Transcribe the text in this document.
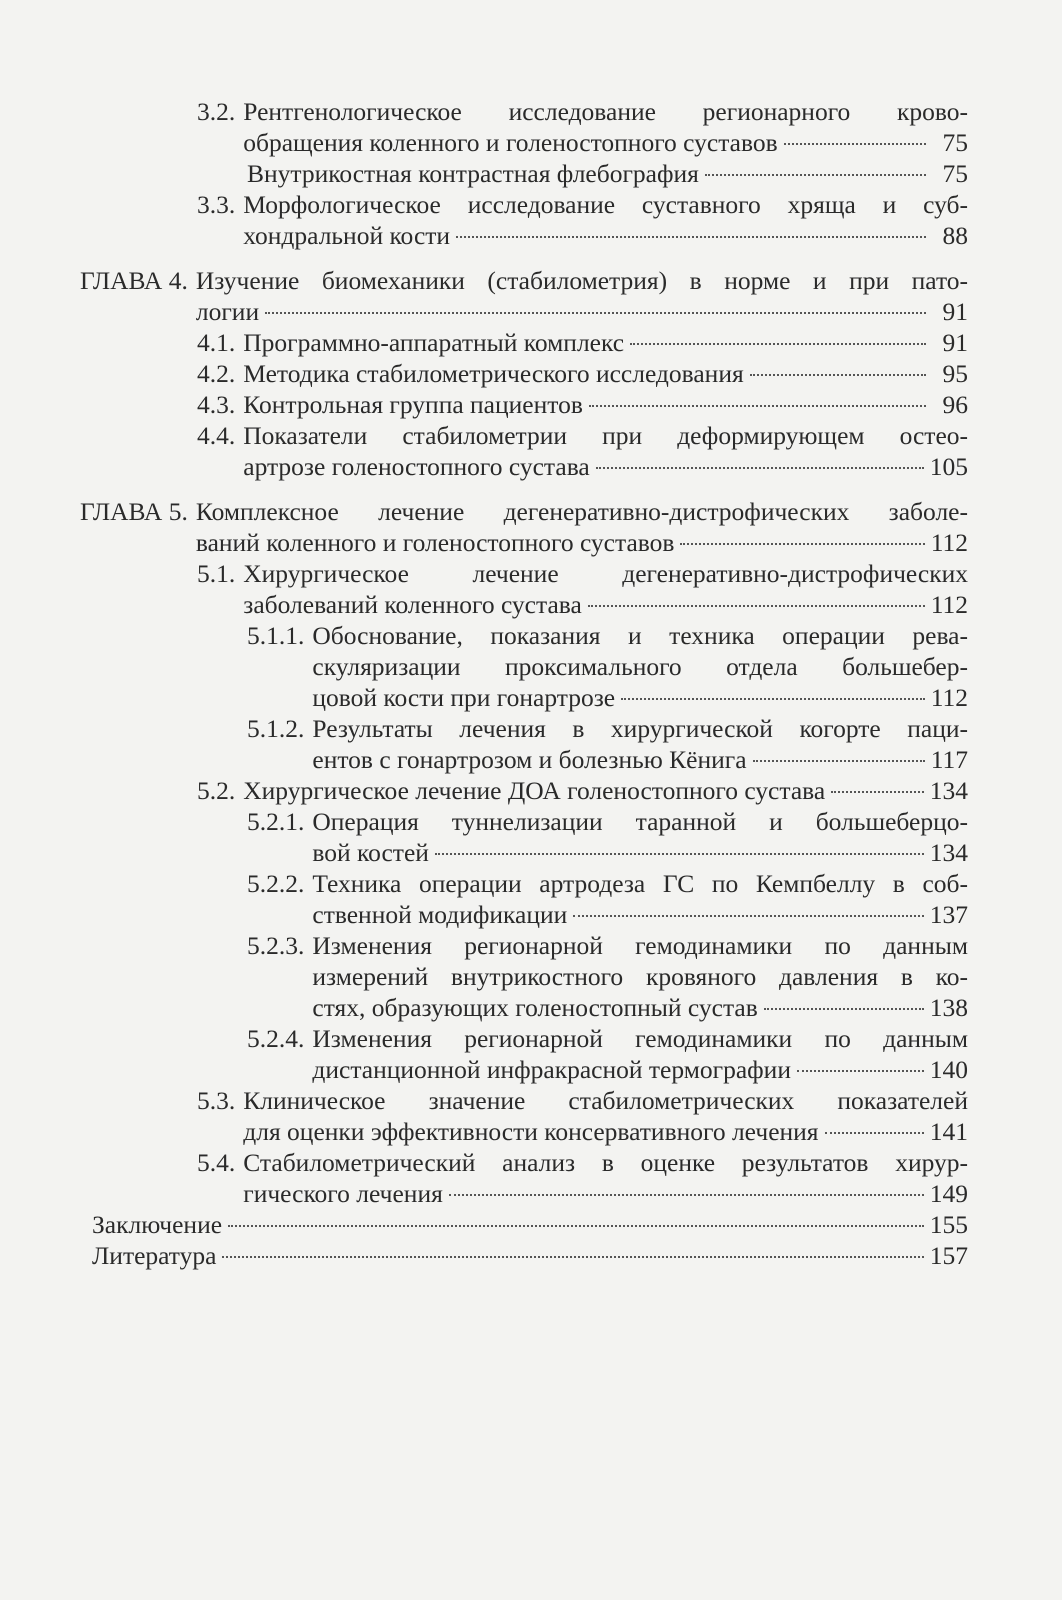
3.2. Рентгенологическое исследование регионарного крово-
обращения коленного и голеностопного суставов	75
Внутрикостная контрастная флебография	75
3.3. Морфологическое исследование суставного хряща и суб-
хондральной кости	88
ГЛАВА 4. Изучение биомеханики (стабилометрия) в норме и при пато-
логии	91
4.1. Программно-аппаратный комплекс	91
4.2. Методика стабилометрического исследования	95
4.3. Контрольная группа пациентов	96
4.4. Показатели стабилометрии при деформирующем остео-
артрозе голеностопного сустава	105
ГЛАВА 5. Комплексное лечение дегенеративно-дистрофических заболе-
ваний коленного и голеностопного суставов	112
5.1. Хирургическое лечение дегенеративно-дистрофических
заболеваний коленного сустава	112
5.1.1. Обоснование, показания и техника операции рева-
скуляризации проксимального отдела большебер-
цовой кости при гонартрозе	112
5.1.2. Результаты лечения в хирургической когорте паци-
ентов с гонартрозом и болезнью Кёнига	117
5.2. Хирургическое лечение ДОА голеностопного сустава	134
5.2.1. Операция туннелизации таранной и большеберцо-
вой костей	134
5.2.2. Техника операции артродеза ГС по Кемпбеллу в соб-
ственной модификации	137
5.2.3. Изменения регионарной гемодинамики по данным
измерений внутрикостного кровяного давления в ко-
стях, образующих голеностопный сустав	138
5.2.4. Изменения регионарной гемодинамики по данным
дистанционной инфракрасной термографии	140
5.3. Клиническое значение стабилометрических показателей
для оценки эффективности консервативного лечения	141
5.4. Стабилометрический анализ в оценке результатов хирур-
гического лечения	149
Заключение	155
Литература	157
